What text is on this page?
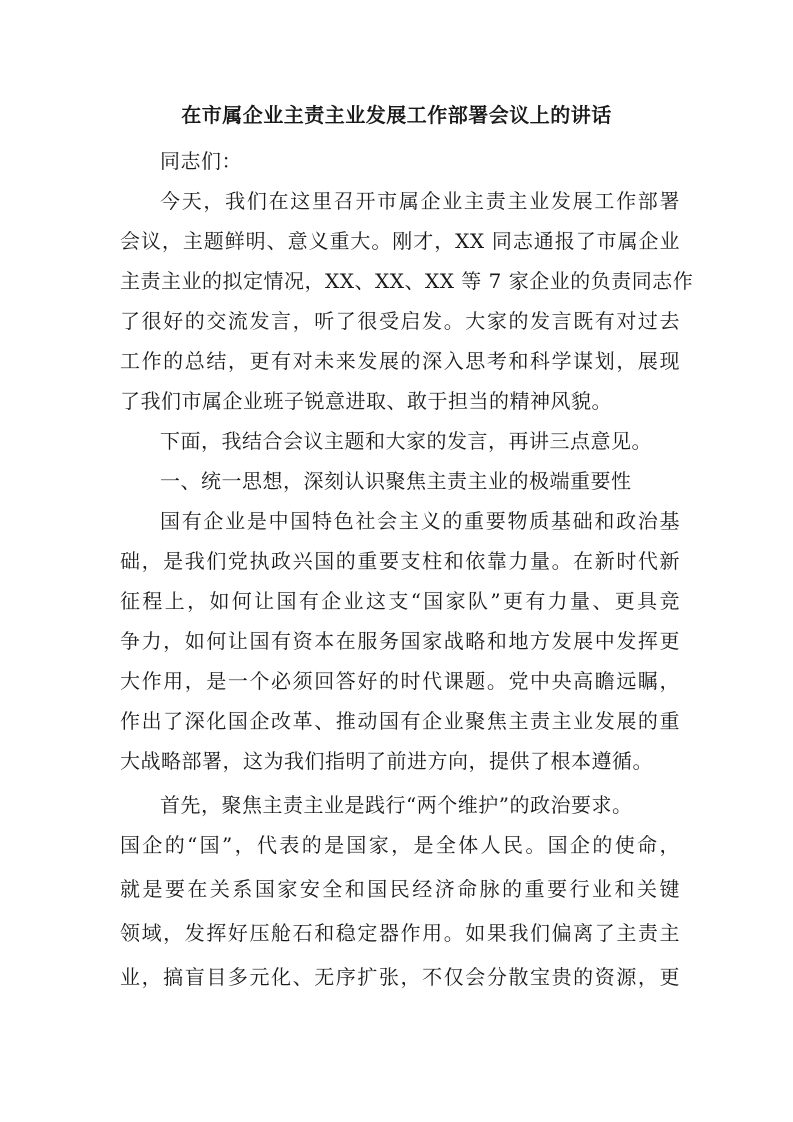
在市属企业主责主业发展工作部署会议上的讲话
同志们：
今天，我们在这里召开市属企业主责主业发展工作部署
会议，主题鲜明、意义重大。刚才，XX 同志通报了市属企业
主责主业的拟定情况，XX、XX、XX 等 7 家企业的负责同志作
了很好的交流发言，听了很受启发。大家的发言既有对过去
工作的总结，更有对未来发展的深入思考和科学谋划，展现
了我们市属企业班子锐意进取、敢于担当的精神风貌。
下面，我结合会议主题和大家的发言，再讲三点意见。
一、统一思想，深刻认识聚焦主责主业的极端重要性
国有企业是中国特色社会主义的重要物质基础和政治基
础，是我们党执政兴国的重要支柱和依靠力量。在新时代新
征程上，如何让国有企业这支“国家队”更有力量、更具竞
争力，如何让国有资本在服务国家战略和地方发展中发挥更
大作用，是一个必须回答好的时代课题。党中央高瞻远瞩，
作出了深化国企改革、推动国有企业聚焦主责主业发展的重
大战略部署，这为我们指明了前进方向，提供了根本遵循。
首先，聚焦主责主业是践行“两个维护”的政治要求。
国企的“国”，代表的是国家，是全体人民。国企的使命，
就是要在关系国家安全和国民经济命脉的重要行业和关键
领域，发挥好压舱石和稳定器作用。如果我们偏离了主责主
业，搞盲目多元化、无序扩张，不仅会分散宝贵的资源，更
